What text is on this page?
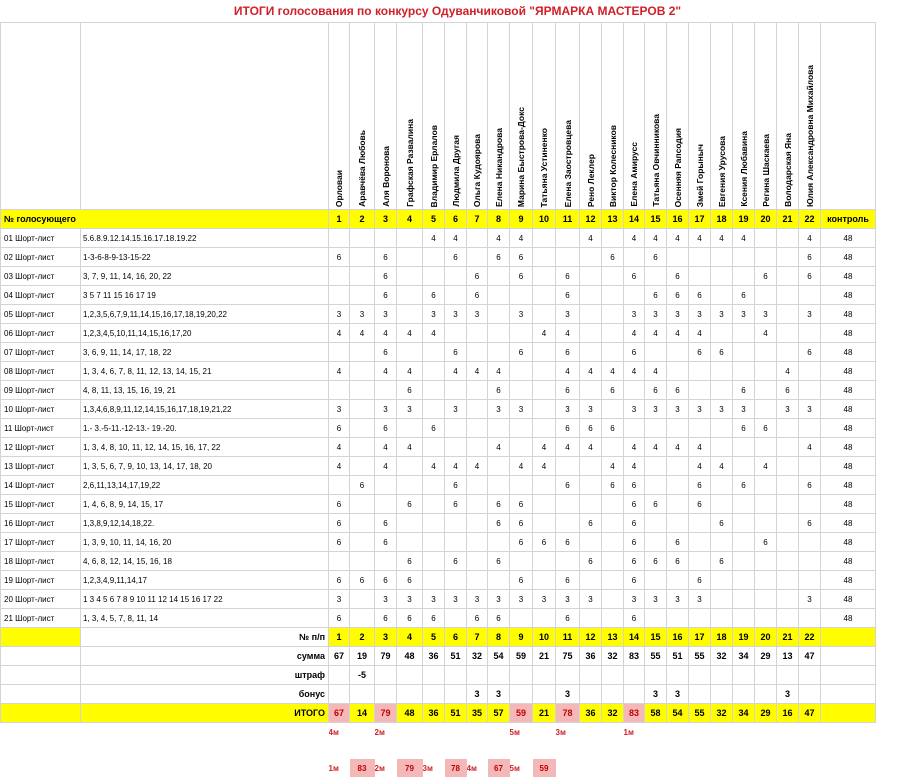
ИТОГИ голосования по конкурсу Одуванчиковой "ЯРМАРКА МАСТЕРОВ 2"
		Орловаи	Аравчёва Любовь	Аля Воронова	Графская Развалина	Владимир Ерлалов	Людмила Другая	Ольга Кудоярова	Елена Никандрова	Марина Быстрова-Докс	Татьяна Устиненко	Елена Заостровцева	Рено Леклер	Виктор Колесников	Елена Амирусс	Татьяна Овчинникова	Осенняя Рапсодия	Змей Горыныч	Евгения Урусова	Ксения Любавина	Регина Шаскаева	Володарская Яна	Юлия Александровна Михайлова	
№ голосующего		1	2	3	4	5	6	7	8	9	10	11	12	13	14	15	16	17	18	19	20	21	22	контроль
01 Шорт-лист	5.6.8.9.12.14.15.16.17.18.19.22					4	4		4	4			4		4	4	4	4	4	4			4	48
02 Шорт-лист	1-3-6-8-9-13-15-22	6		6			6		6	6				6		6							6	48
03 Шорт-лист	3, 7, 9, 11, 14, 16, 20, 22			6				6		6		6			6		6				6		6	48
04 Шорт-лист	3 5 7 11 15 16 17 19			6		6		6				6				6	6	6		6				48
05 Шорт-лист	1,2,3,5,6,7,9,11,14,15,16,17,18,19,20,22	3	3	3		3	3	3		3		3			3	3	3	3	3	3	3		3	48
06 Шорт-лист	1,2,3,4,5,10,11,14,15,16,17,20	4	4	4	4	4					4	4			4	4	4	4			4			48
07 Шорт-лист	3, 6, 9, 11, 14, 17, 18, 22			6			6			6		6			6			6	6				6	48
08 Шорт-лист	1, 3, 4, 6, 7, 8, 11, 12, 13, 14, 15, 21	4		4	4		4	4	4			4	4	4	4	4						4		48
09 Шорт-лист	4, 8, 11, 13, 15, 16, 19, 21				6				6			6		6		6	6			6		6		48
10 Шорт-лист	1,3,4,6,8,9,11,12,14,15,16,17,18,19,21,22	3		3	3		3		3	3		3	3		3	3	3	3	3	3		3	3	48
11 Шорт-лист	1.- 3.-5-11.-12-13.- 19.-20.	6		6		6						6	6	6						6	6			48
12 Шорт-лист	1, 3, 4, 8, 10, 11, 12, 14, 15, 16, 17, 22	4		4	4				4		4	4	4		4	4	4	4					4	48
13 Шорт-лист	1, 3, 5, 6, 7, 9, 10, 13, 14, 17, 18, 20	4		4		4	4	4		4	4			4	4			4	4		4			48
14 Шорт-лист	2,6,11,13,14,17,19,22		6				6					6		6	6			6		6			6	48
15 Шорт-лист	1, 4, 6, 8, 9, 14, 15, 17	6			6		6		6	6					6	6		6						48
16 Шорт-лист	1,3,8,9,12,14,18,22.	6		6					6	6			6		6				6				6	48
17 Шорт-лист	1, 3, 9, 10, 11, 14, 16, 20	6		6						6	6	6			6		6				6			48
18 Шорт-лист	4, 6, 8, 12, 14, 15, 16, 18				6		6		6				6		6	6	6		6					48
19 Шорт-лист	1,2,3,4,9,11,14,17	6	6	6	6					6		6			6			6						48
20 Шорт-лист	1 3 4 5 6 7 8 9 10 11 12 14 15 16 17 22	3		3	3	3	3	3	3	3	3	3	3		3	3	3	3					3	48
21 Шорт-лист	1, 3, 4, 5, 7, 8, 11, 14	6		6	6	6		6	6			6			6									48
	№ п/п	1	2	3	4	5	6	7	8	9	10	11	12	13	14	15	16	17	18	19	20	21	22	
	сумма	67	19	79	48	36	51	32	54	59	21	75	36	32	83	55	51	55	32	34	29	13	47	
	штраф		-5																					
	бонус							3	3			3				3	3					3		
	ИТОГО	67	14	79	48	36	51	35	57	59	21	78	36	32	83	58	54	55	32	34	29	16	47	
		4м		2м						5м		3м			1м									

		1м	83	2м	79	3м	78	4м	67	5м	59													
